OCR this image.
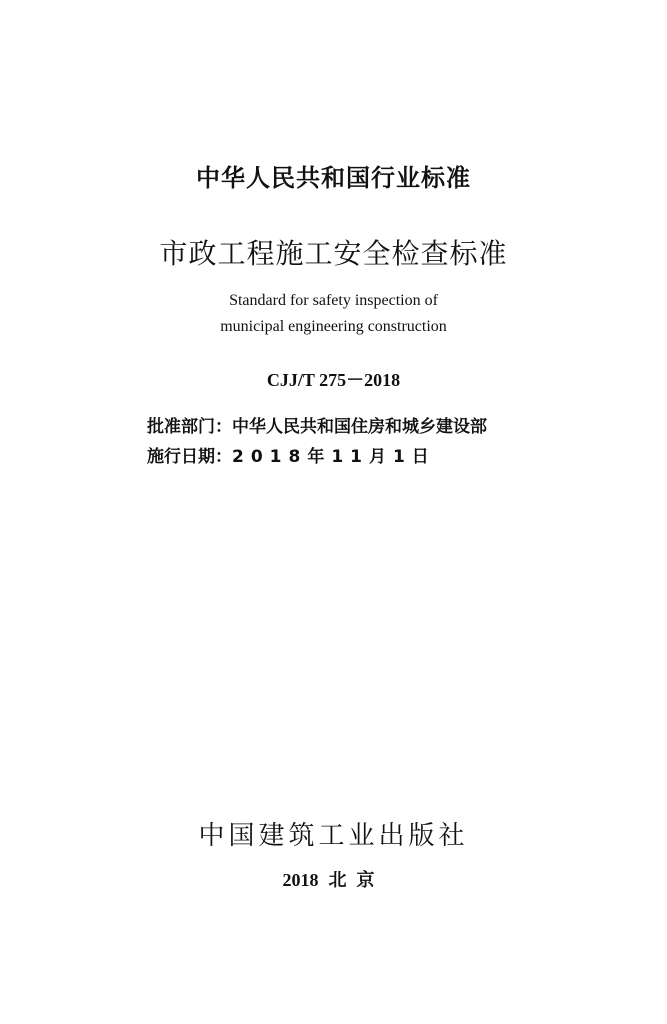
中华人民共和国行业标准
市政工程施工安全检查标准
Standard for safety inspection of
municipal engineering construction
CJJ/T 275－2018
批准部门：中华人民共和国住房和城乡建设部
施行日期：2018年11月1日
中国建筑工业出版社
2018 北京
